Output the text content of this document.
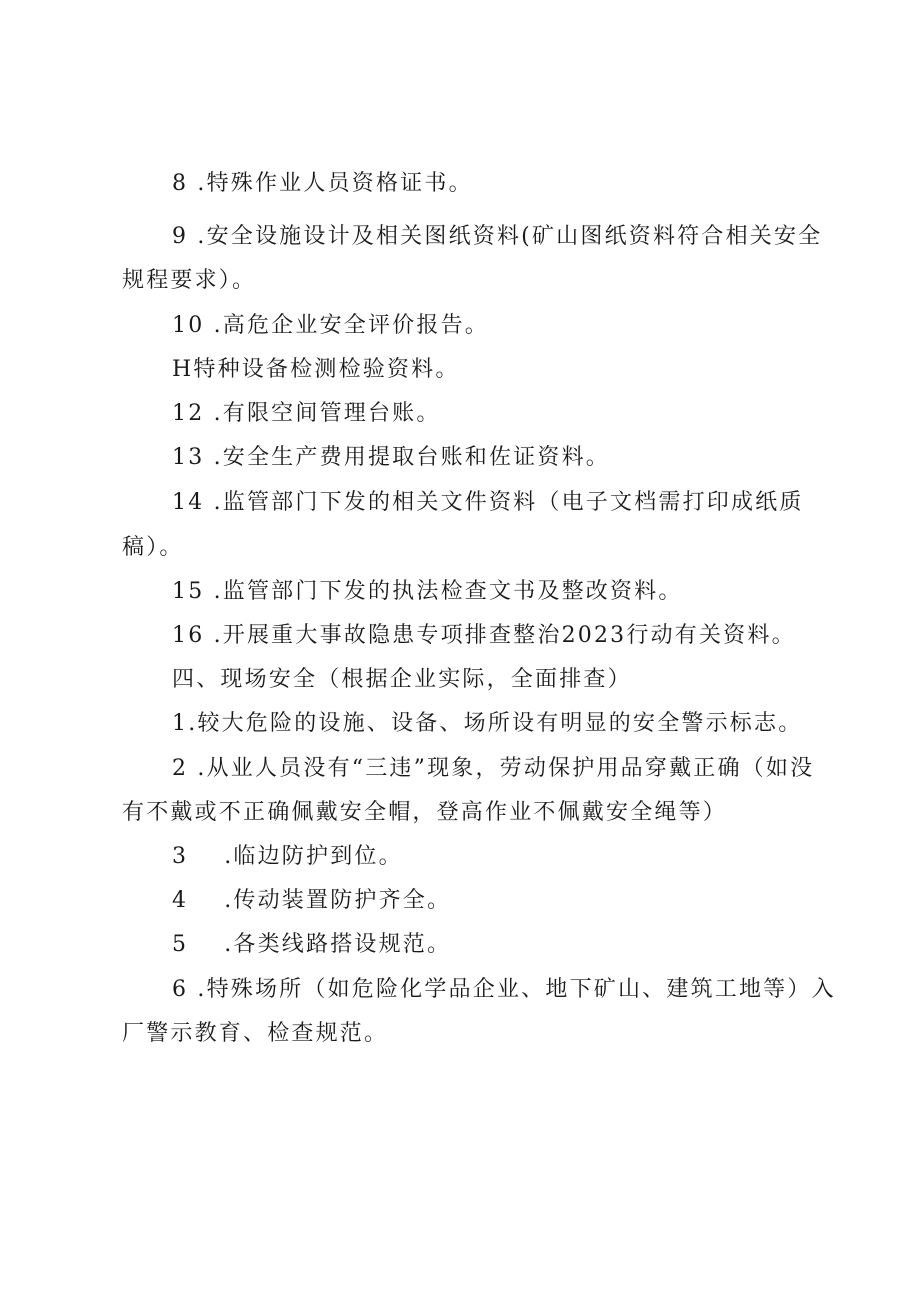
8 .特殊作业人员资格证书。
9 .安全设施设计及相关图纸资料(矿山图纸资料符合相关安全
规程要求）。
10 .高危企业安全评价报告。
H特种设备检测检验资料。
12 .有限空间管理台账。
13 .安全生产费用提取台账和佐证资料。
14 .监管部门下发的相关文件资料（电子文档需打印成纸质
稿）。
15 .监管部门下发的执法检查文书及整改资料。
16 .开展重大事故隐患专项排查整治2023行动有关资料。
四、现场安全（根据企业实际，全面排查）
1.较大危险的设施、设备、场所设有明显的安全警示标志。
2 .从业人员没有“三违”现象，劳动保护用品穿戴正确（如没
有不戴或不正确佩戴安全帽，登高作业不佩戴安全绳等）
3 .临边防护到位。
4 .传动装置防护齐全。
5 .各类线路搭设规范。
6 .特殊场所（如危险化学品企业、地下矿山、建筑工地等）入
厂警示教育、检查规范。
